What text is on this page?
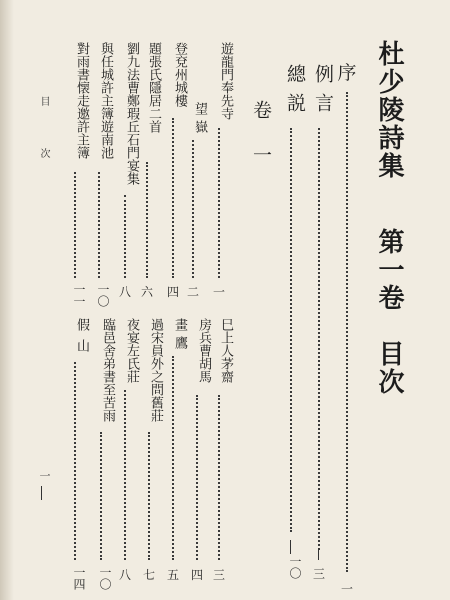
杜少陵詩集
第一卷
目次
序
一
例言
三
總説
一〇
卷一
遊龍門奉先寺
一
望嶽
二
登兗州城樓
四
題張氏隱居二首
六
劉九法曹鄭瑕丘石門宴集
八
與任城許主簿遊南池
一〇
對雨書懐走邀許主簿
一一
巳上人茅齋
三
房兵曹胡馬
四
畫鷹
五
過宋員外之問舊莊
七
夜宴左氏莊
八
臨邑舍弟書至苦雨
一〇
假山
一四
目次
一
